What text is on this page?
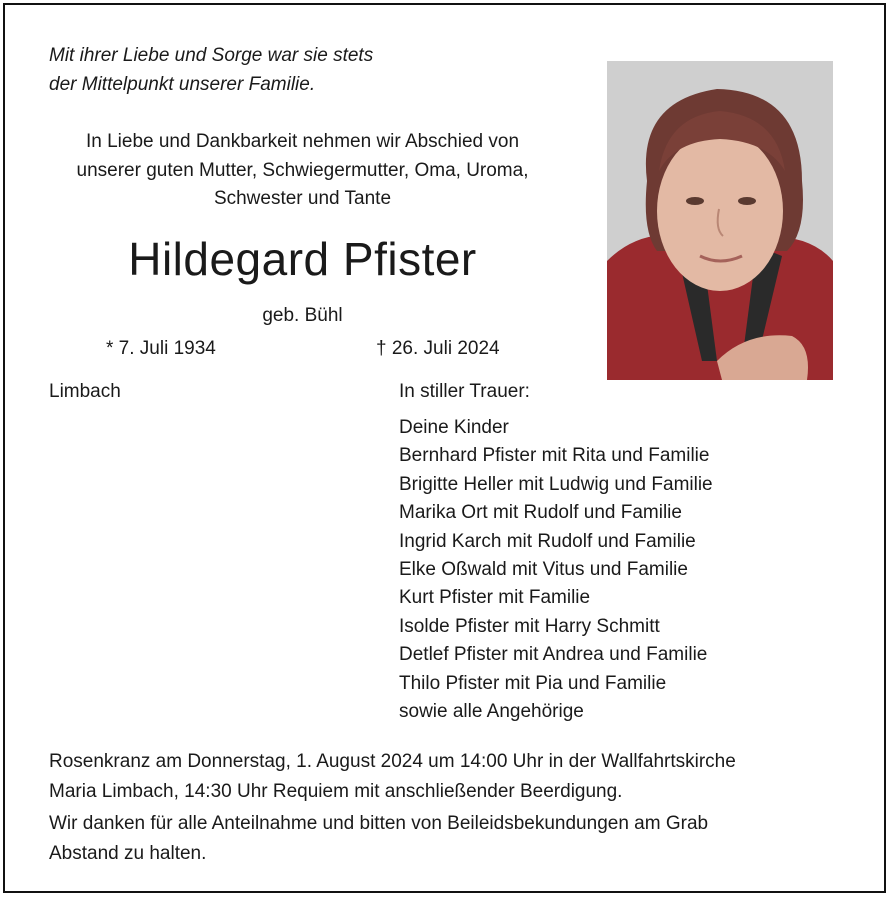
Mit ihrer Liebe und Sorge war sie stets
der Mittelpunkt unserer Familie.
In Liebe und Dankbarkeit nehmen wir Abschied von
unserer guten Mutter, Schwiegermutter, Oma, Uroma,
Schwester und Tante
Hildegard Pfister
geb. Bühl
* 7. Juli 1934	† 26. Juli 2024
Limbach	In stiller Trauer:
Deine Kinder
Bernhard Pfister mit Rita und Familie
Brigitte Heller mit Ludwig und Familie
Marika Ort mit Rudolf und Familie
Ingrid Karch mit Rudolf und Familie
Elke Oßwald mit Vitus und Familie
Kurt Pfister mit Familie
Isolde Pfister mit Harry Schmitt
Detlef Pfister mit Andrea und Familie
Thilo Pfister mit Pia und Familie
sowie alle Angehörige
Rosenkranz am Donnerstag, 1. August 2024 um 14:00 Uhr in der Wallfahrtskirche
Maria Limbach, 14:30 Uhr Requiem mit anschließender Beerdigung.
Wir danken für alle Anteilnahme und bitten von Beileidsbekundungen am Grab
Abstand zu halten.
